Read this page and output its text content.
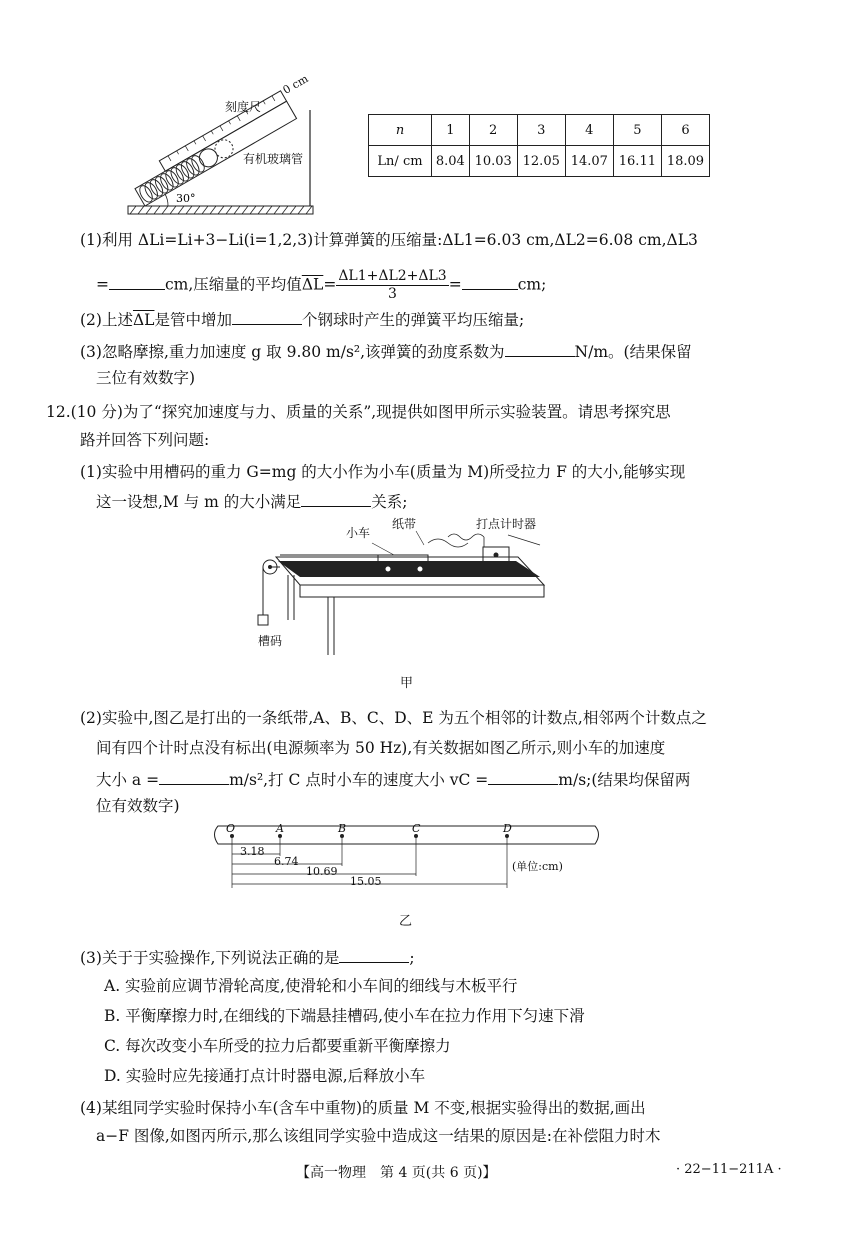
30°
刻度尺
0 cm
有机玻璃管
n	1	2	3	4	5	6
Ln/ cm	8.04	10.03	12.05	14.07	16.11	18.09
(1)利用 ΔLi=Li+3−Li(i=1,2,3)计算弹簧的压缩量:ΔL1=6.03 cm,ΔL2=6.08 cm,ΔL3
=	cm,压缩量的平均值$\overline{\Delta L}= \frac{\Delta L1+\Delta L2+\Delta L3}{3}$ =	cm;
(2)上述$\overline{\Delta L}$是管中增加	个钢球时产生的弹簧平均压缩量;
(3)忽略摩擦,重力加速度 g 取 9.80 m/s²,该弹簧的劲度系数为	N/m。(结果保留
三位有效数字)
12.(10 分)为了“探究加速度与力、质量的关系”,现提供如图甲所示实验装置。请思考探究思
路并回答下列问题:
(1)实验中用槽码的重力 G=mg 的大小作为小车(质量为 M)所受拉力 F 的大小,能够实现
这一设想,M 与 m 的大小满足	关系;
小车
纸带	打点计时器
槽码
甲
(2)实验中,图乙是打出的一条纸带,A、B、C、D、E 为五个相邻的计数点,相邻两个计数点之
间有四个计时点没有标出(电源频率为 50 Hz),有关数据如图乙所示,则小车的加速度
大小 a =	m/s²,打 C 点时小车的速度大小 vC =	m/s;(结果均保留两
位有效数字)
O	A	B	C	D
3.18
6.74
10.69
15.05
(单位:cm)
乙
(3)关于于实验操作,下列说法正确的是	;
A. 实验前应调节滑轮高度,使滑轮和小车间的细线与木板平行
B. 平衡摩擦力时,在细线的下端悬挂槽码,使小车在拉力作用下匀速下滑
C. 每次改变小车所受的拉力后都要重新平衡摩擦力
D. 实验时应先接通打点计时器电源,后释放小车
(4)某组同学实验时保持小车(含车中重物)的质量 M 不变,根据实验得出的数据,画出
a−F 图像,如图丙所示,那么该组同学实验中造成这一结果的原因是:在补偿阻力时木
【高一物理　第 4 页(共 6 页)】	· 22−11−211A ·
